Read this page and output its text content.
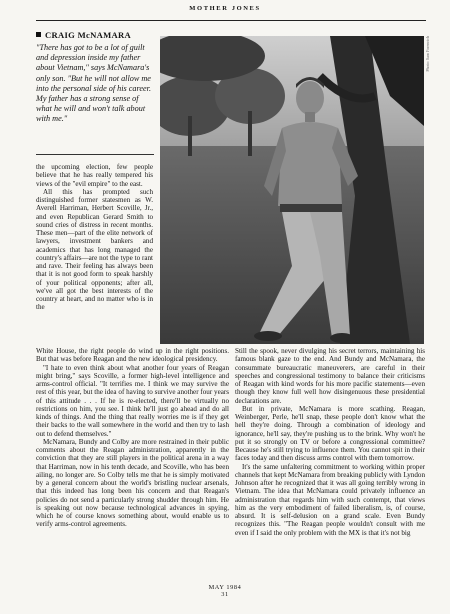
MOTHER JONES
CRAIG McNAMARA

"There has got to be a lot of guilt and depression inside my father about Vietnam," says McNamara's only son. "But he will not allow me into the personal side of his career. My father has a strong sense of what he will and won't talk about with me."

Photo: Sam Forencich

the upcoming election, few people believe that he has really tempered his views of the "evil empire" to the east.

All this has prompted such distinguished former statesmen as W. Averell Harriman, Herbert Scoville, Jr., and even Republican Gerard Smith to sound cries of distress in recent months. These men—part of the elite network of lawyers, investment bankers and academics that has long managed the country's affairs—are not the type to rant and rave. Their feeling has always been that it is not good form to speak harshly of your political opponents; after all, we've all got the best interests of the country at heart, and no matter who is in the

White House, the right people do wind up in the right positions. But that was before Reagan and the new ideological presidency.

"I hate to even think about what another four years of Reagan might bring," says Scoville, a former high-level intelligence and arms-control official. "It terrifies me. I think we may survive the rest of this year, but the idea of having to survive another four years of this attitude . . . If he is re-elected, there'll be virtually no restrictions on him, you see. I think he'll just go ahead and do all kinds of things. And the thing that really worries me is if they get their backs to the wall somewhere in the world and then try to lash out to defend themselves."

McNamara, Bundy and Colby are more restrained in their public comments about the Reagan administration, apparently in the conviction that they are still players in the political arena in a way that Harriman, now in his tenth decade, and Scoville, who has been ailing, no longer are. So Colby tells me that he is simply motivated by a general concern about the world's bristling nuclear arsenals, that this indeed has long been his concern and that Reagan's policies do not send a particularly strong shudder through him. He is speaking out now because technological advances in spying, which he of course knows something about, would enable us to verify arms-control agreements.

Still the spook, never divulging his secret terrors, maintaining his famous blank gaze to the end. And Bundy and McNamara, the consummate bureaucratic maneuverers, are careful in their speeches and congressional testimony to balance their criticisms of Reagan with kind words for his more pacific statements—even though they know full well how disingenuous these presidential declarations are.

But in private, McNamara is more scathing. Reagan, Weinberger, Perle, he'll snap, these people don't know what the hell they're doing. Through a combination of ideology and ignorance, he'll say, they're pushing us to the brink. Why won't he put it so strongly on TV or before a congressional committee? Because he's still trying to influence them. You cannot spit in their faces today and then discuss arms control with them tomorrow.

It's the same unfaltering commitment to working within proper channels that kept McNamara from breaking publicly with Lyndon Johnson after he recognized that it was all going terribly wrong in Vietnam. The idea that McNamara could privately influence an administration that regards him with such contempt, that views him as the very embodiment of failed liberalism, is, of course, absurd. It is self-delusion on a grand scale. Even Bundy recognizes this. "The Reagan people wouldn't consult with me even if I said the only problem with the MX is that it's not big

MAY 1984
31
